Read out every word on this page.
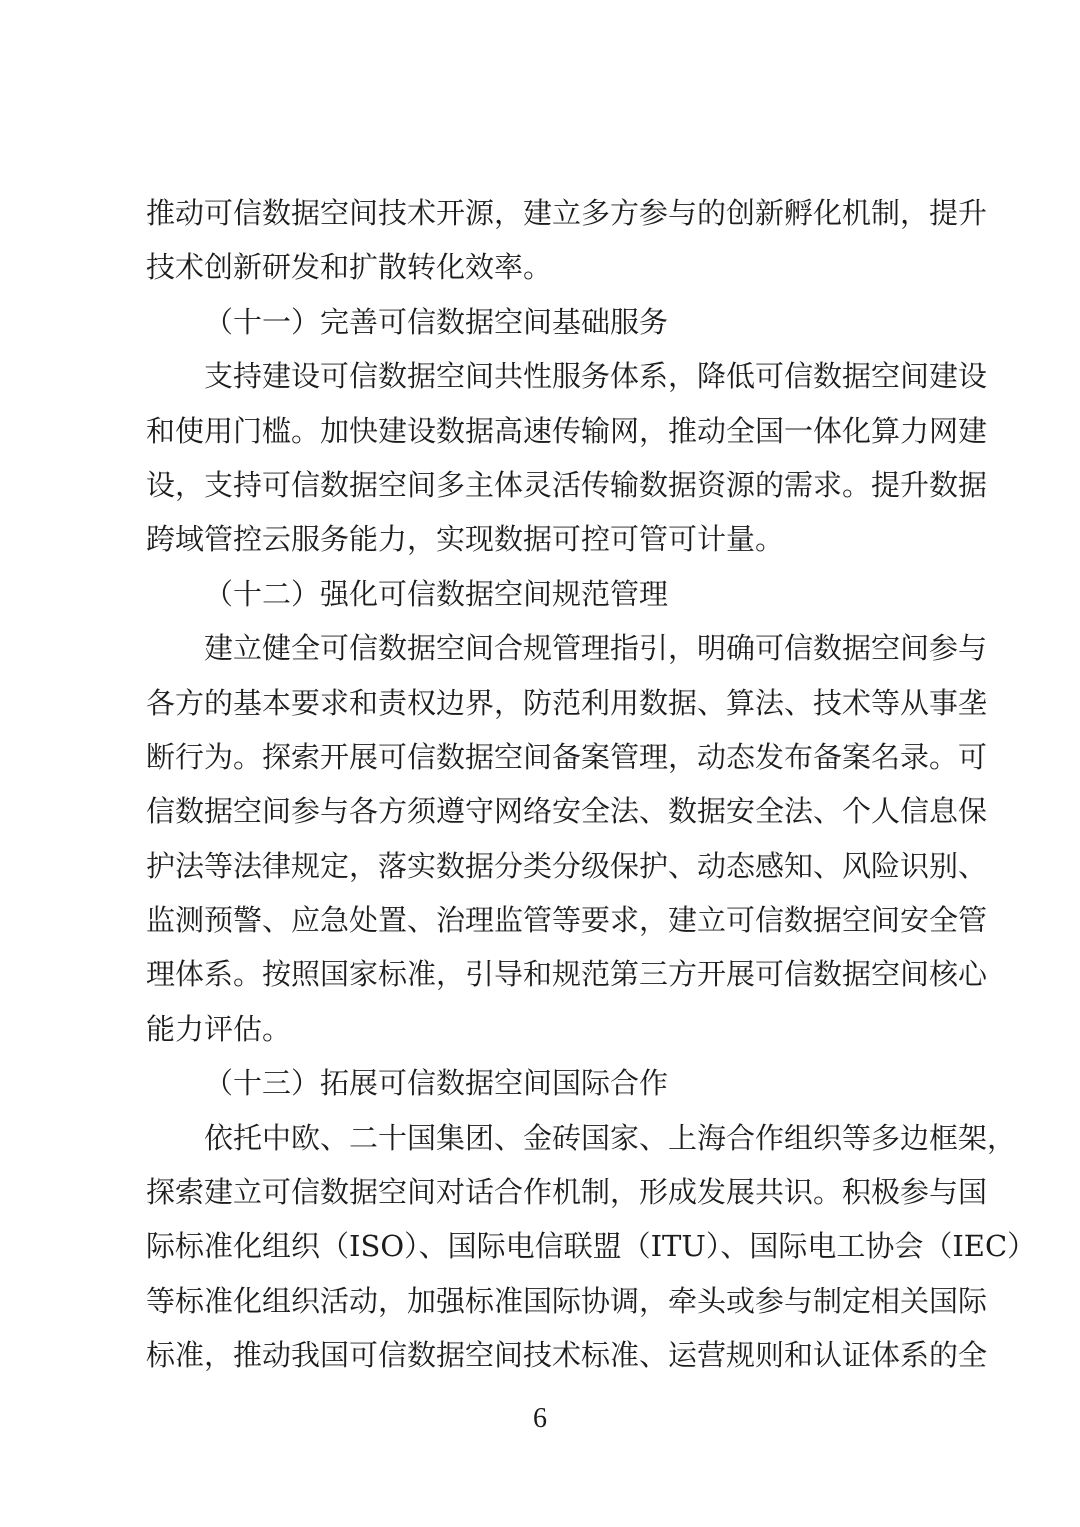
推动可信数据空间技术开源，建立多方参与的创新孵化机制，提升
技术创新研发和扩散转化效率。
（十一）完善可信数据空间基础服务
支持建设可信数据空间共性服务体系，降低可信数据空间建设
和使用门槛。加快建设数据高速传输网，推动全国一体化算力网建
设，支持可信数据空间多主体灵活传输数据资源的需求。提升数据
跨域管控云服务能力，实现数据可控可管可计量。
（十二）强化可信数据空间规范管理
建立健全可信数据空间合规管理指引，明确可信数据空间参与
各方的基本要求和责权边界，防范利用数据、算法、技术等从事垄
断行为。探索开展可信数据空间备案管理，动态发布备案名录。可
信数据空间参与各方须遵守网络安全法、数据安全法、个人信息保
护法等法律规定，落实数据分类分级保护、动态感知、风险识别、
监测预警、应急处置、治理监管等要求，建立可信数据空间安全管
理体系。按照国家标准，引导和规范第三方开展可信数据空间核心
能力评估。
（十三）拓展可信数据空间国际合作
依托中欧、二十国集团、金砖国家、上海合作组织等多边框架，
探索建立可信数据空间对话合作机制，形成发展共识。积极参与国
际标准化组织（ISO）、国际电信联盟（ITU）、国际电工协会（IEC）
等标准化组织活动，加强标准国际协调，牵头或参与制定相关国际
标准，推动我国可信数据空间技术标准、运营规则和认证体系的全
6
